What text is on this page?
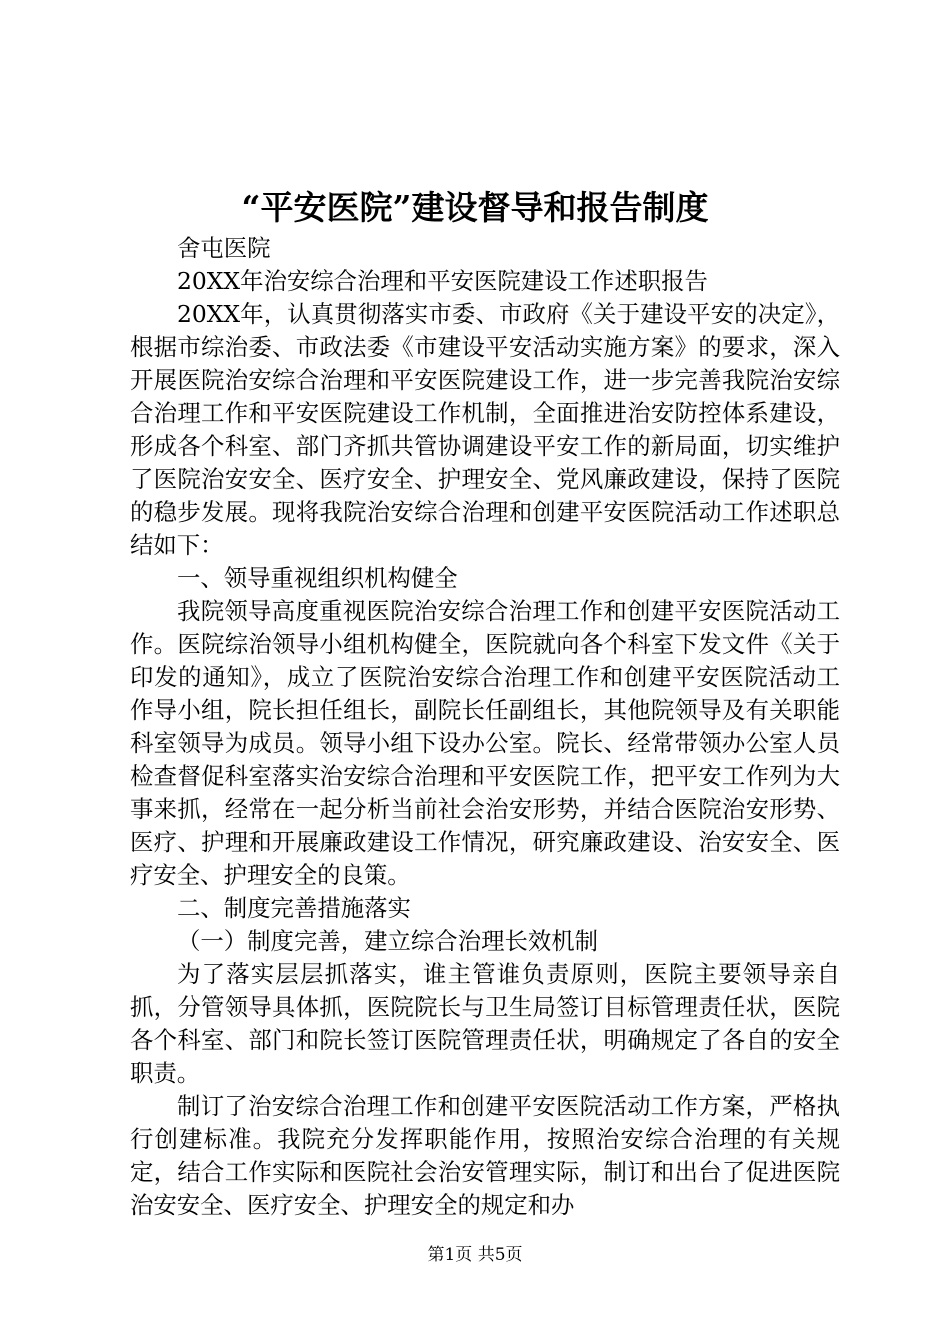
“平安医院”建设督导和报告制度

舍屯医院

20XX年治安综合治理和平安医院建设工作述职报告

20XX年，认真贯彻落实市委、市政府《关于建设平安的决定》，根据市综治委、市政法委《市建设平安活动实施方案》的要求，深入开展医院治安综合治理和平安医院建设工作，进一步完善我院治安综合治理工作和平安医院建设工作机制，全面推进治安防控体系建设，形成各个科室、部门齐抓共管协调建设平安工作的新局面，切实维护了医院治安安全、医疗安全、护理安全、党风廉政建设，保持了医院的稳步发展。现将我院治安综合治理和创建平安医院活动工作述职总结如下：

一、领导重视组织机构健全

我院领导高度重视医院治安综合治理工作和创建平安医院活动工作。医院综治领导小组机构健全，医院就向各个科室下发文件《关于印发的通知》，成立了医院治安综合治理工作和创建平安医院活动工作导小组，院长担任组长，副院长任副组长，其他院领导及有关职能科室领导为成员。领导小组下设办公室。院长、经常带领办公室人员检查督促科室落实治安综合治理和平安医院工作，把平安工作列为大事来抓，经常在一起分析当前社会治安形势，并结合医院治安形势、医疗、护理和开展廉政建设工作情况，研究廉政建设、治安安全、医疗安全、护理安全的良策。

二、制度完善措施落实

（一）制度完善，建立综合治理长效机制

为了落实层层抓落实，谁主管谁负责原则，医院主要领导亲自抓，分管领导具体抓，医院院长与卫生局签订目标管理责任状，医院各个科室、部门和院长签订医院管理责任状，明确规定了各自的安全职责。

制订了治安综合治理工作和创建平安医院活动工作方案，严格执行创建标准。我院充分发挥职能作用，按照治安综合治理的有关规定，结合工作实际和医院社会治安管理实际，制订和出台了促进医院治安安全、医疗安全、护理安全的规定和办

第1页 共5页
